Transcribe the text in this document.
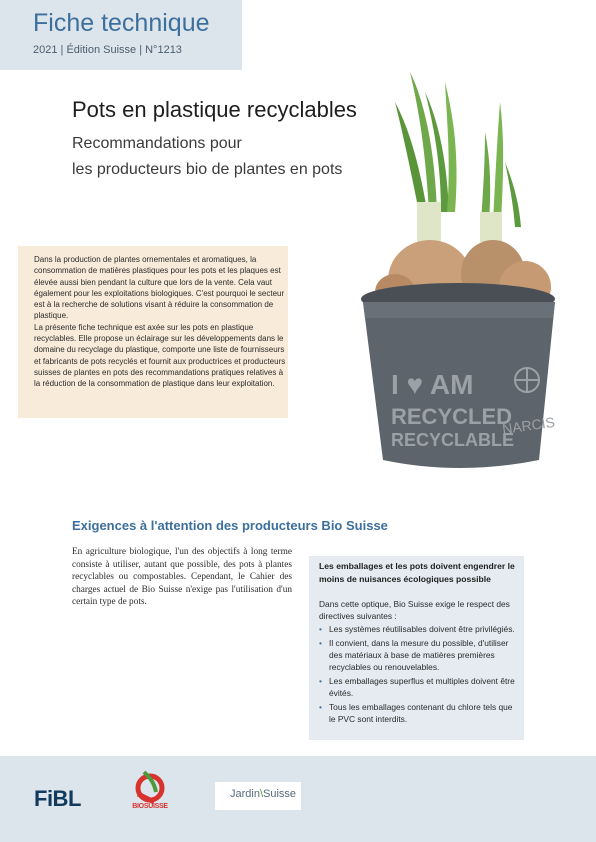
Fiche technique
2021 | Édition Suisse | N°1213
Pots en plastique recyclables
Recommandations pour
les producteurs bio de plantes en pots
I ♥ AM
RECYCLED
RECYCLABLE
NARCIS

Dans la production de plantes ornementales et aromatiques, la consommation de matières plastiques pour les pots et les plaques est élevée aussi bien pendant la culture que lors de la vente. Cela vaut également pour les exploitations biologiques. C'est pourquoi le secteur est à la recherche de solutions visant à réduire la consommation de plastique.

La présente fiche technique est axée sur les pots en plastique recyclables. Elle propose un éclairage sur les développements dans le domaine du recyclage du plastique, comporte une liste de fournisseurs et fabricants de pots recyclés et fournit aux productrices et producteurs suisses de plantes en pots des recommandations pratiques relatives à la réduction de la consommation de plastique dans leur exploitation.

Exigences à l'attention des producteurs Bio Suisse
En agriculture biologique, l'un des objectifs à long terme consiste à utiliser, autant que possible, des pots à plantes recyclables ou compostables. Cependant, le Cahier des charges actuel de Bio Suisse n'exige pas l'utilisation d'un certain type de pots.
Les emballages et les pots doivent engendrer le moins de nuisances écologiques possible
Dans cette optique, Bio Suisse exige le respect des directives suivantes :
• Les systèmes réutilisables doivent être privilégiés.
• Il convient, dans la mesure du possible, d'utiliser des matériaux à base de matières premières recyclables ou renouvelables.
• Les emballages superflus et multiples doivent être évités.
• Tous les emballages contenant du chlore tels que le PVC sont interdits.
FiBL	BIOSUISSE
Jardin\Suisse
